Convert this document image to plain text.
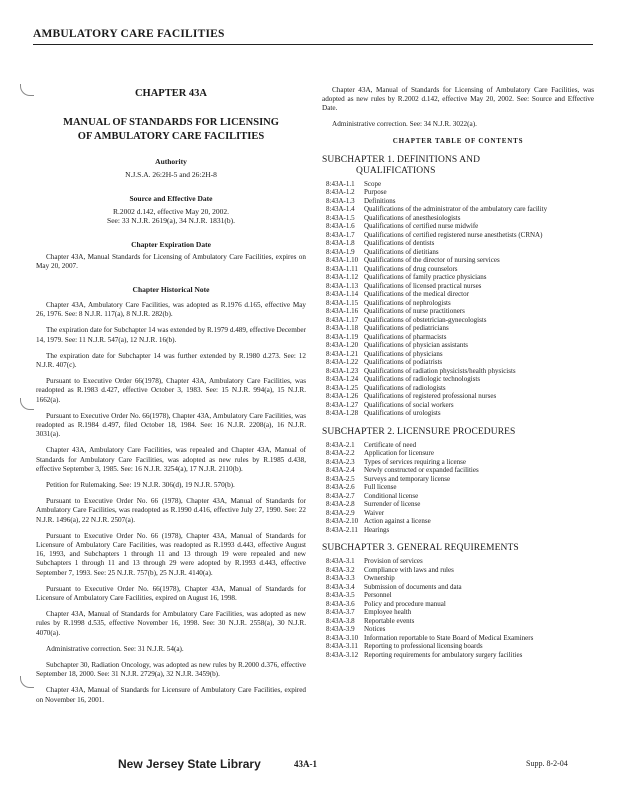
AMBULATORY CARE FACILITIES
CHAPTER 43A
MANUAL OF STANDARDS FOR LICENSING
OF AMBULATORY CARE FACILITIES
Authority
N.J.S.A. 26:2H-5 and 26:2H-8
Source and Effective Date
R.2002 d.142, effective May 20, 2002.
See: 33 N.J.R. 2619(a), 34 N.J.R. 1831(b).
Chapter Expiration Date

Chapter 43A, Manual Standards for Licensing of Ambulatory Care Facilities, expires on May 20, 2007.

Chapter Historical Note

Chapter 43A, Ambulatory Care Facilities, was adopted as R.1976 d.165, effective May 26, 1976. See: 8 N.J.R. 117(a), 8 N.J.R. 282(b).

The expiration date for Subchapter 14 was extended by R.1979 d.489, effective December 14, 1979. See: 11 N.J.R. 547(a), 12 N.J.R. 16(b).

The expiration date for Subchapter 14 was further extended by R.1980 d.273. See: 12 N.J.R. 407(c).

Pursuant to Executive Order 66(1978), Chapter 43A, Ambulatory Care Facilities, was readopted as R.1983 d.427, effective October 3, 1983. See: 15 N.J.R. 994(a), 15 N.J.R. 1662(a).

Pursuant to Executive Order No. 66(1978), Chapter 43A, Ambulatory Care Facilities, was readopted as R.1984 d.497, filed October 18, 1984. See: 16 N.J.R. 2208(a), 16 N.J.R. 3031(a).

Chapter 43A, Ambulatory Care Facilities, was repealed and Chapter 43A, Manual of Standards for Ambulatory Care Facilities, was adopted as new rules by R.1985 d.438, effective September 3, 1985. See: 16 N.J.R. 3254(a), 17 N.J.R. 2110(b).

Petition for Rulemaking. See: 19 N.J.R. 306(d), 19 N.J.R. 570(b).

Pursuant to Executive Order No. 66 (1978), Chapter 43A, Manual of Standards for Ambulatory Care Facilities, was readopted as R.1990 d.416, effective July 27, 1990. See: 22 N.J.R. 1496(a), 22 N.J.R. 2507(a).

Pursuant to Executive Order No. 66 (1978), Chapter 43A, Manual of Standards for Licensure of Ambulatory Care Facilities, was readopted as R.1993 d.443, effective August 16, 1993, and Subchapters 1 through 11 and 13 through 19 were repealed and new Subchapters 1 through 11 and 13 through 29 were adopted by R.1993 d.443, effective September 7, 1993. See: 25 N.J.R. 757(b), 25 N.J.R. 4140(a).

Pursuant to Executive Order No. 66(1978), Chapter 43A, Manual of Standards for Licensure of Ambulatory Care Facilities, expired on August 16, 1998.

Chapter 43A, Manual of Standards for Ambulatory Care Facilities, was adopted as new rules by R.1998 d.535, effective November 16, 1998. See: 30 N.J.R. 2558(a), 30 N.J.R. 4070(a).

Administrative correction. See: 31 N.J.R. 54(a).

Subchapter 30, Radiation Oncology, was adopted as new rules by R.2000 d.376, effective September 18, 2000. See: 31 N.J.R. 2729(a), 32 N.J.R. 3459(b).

Chapter 43A, Manual of Standards for Licensure of Ambulatory Care Facilities, expired on November 16, 2001.

Chapter 43A, Manual of Standards for Licensing of Ambulatory Care Facilities, was adopted as new rules by R.2002 d.142, effective May 20, 2002. See: Source and Effective Date.

Administrative correction. See: 34 N.J.R. 3022(a).

CHAPTER TABLE OF CONTENTS
SUBCHAPTER 1. DEFINITIONS AND
QUALIFICATIONS
8:43A-1.1	Scope
8:43A-1.2	Purpose
8:43A-1.3	Definitions
8:43A-1.4	Qualifications of the administrator of the ambulatory care facility
8:43A-1.5	Qualifications of anesthesiologists
8:43A-1.6	Qualifications of certified nurse midwife
8:43A-1.7	Qualifications of certified registered nurse anesthetists (CRNA)
8:43A-1.8	Qualifications of dentists
8:43A-1.9	Qualifications of dietitians
8:43A-1.10 Qualifications of the director of nursing services
8:43A-1.11 Qualifications of drug counselors
8:43A-1.12 Qualifications of family practice physicians
8:43A-1.13 Qualifications of licensed practical nurses
8:43A-1.14 Qualifications of the medical director
8:43A-1.15 Qualifications of nephrologists
8:43A-1.16 Qualifications of nurse practitioners
8:43A-1.17 Qualifications of obstetrician-gynecologists
8:43A-1.18 Qualifications of pediatricians
8:43A-1.19 Qualifications of pharmacists
8:43A-1.20 Qualifications of physician assistants
8:43A-1.21 Qualifications of physicians
8:43A-1.22 Qualifications of podiatrists
8:43A-1.23 Qualifications of radiation physicists/health physicists
8:43A-1.24 Qualifications of radiologic technologists
8:43A-1.25 Qualifications of radiologists
8:43A-1.26 Qualifications of registered professional nurses
8:43A-1.27 Qualifications of social workers
8:43A-1.28 Qualifications of urologists
SUBCHAPTER 2. LICENSURE PROCEDURES
8:43A-2.1	Certificate of need
8:43A-2.2	Application for licensure
8:43A-2.3	Types of services requiring a license
8:43A-2.4	Newly constructed or expanded facilities
8:43A-2.5	Surveys and temporary license
8:43A-2.6	Full license
8:43A-2.7	Conditional license
8:43A-2.8	Surrender of license
8:43A-2.9	Waiver
8:43A-2.10 Action against a license
8:43A-2.11 Hearings
SUBCHAPTER 3. GENERAL REQUIREMENTS
8:43A-3.1	Provision of services
8:43A-3.2	Compliance with laws and rules
8:43A-3.3	Ownership
8:43A-3.4	Submission of documents and data
8:43A-3.5	Personnel
8:43A-3.6	Policy and procedure manual
8:43A-3.7	Employee health
8:43A-3.8	Reportable events
8:43A-3.9	Notices
8:43A-3.10 Information reportable to State Board of Medical Examiners
8:43A-3.11 Reporting to professional licensing boards
8:43A-3.12 Reporting requirements for ambulatory surgery facilities
New Jersey State Library	43A-1	Supp. 8-2-04
